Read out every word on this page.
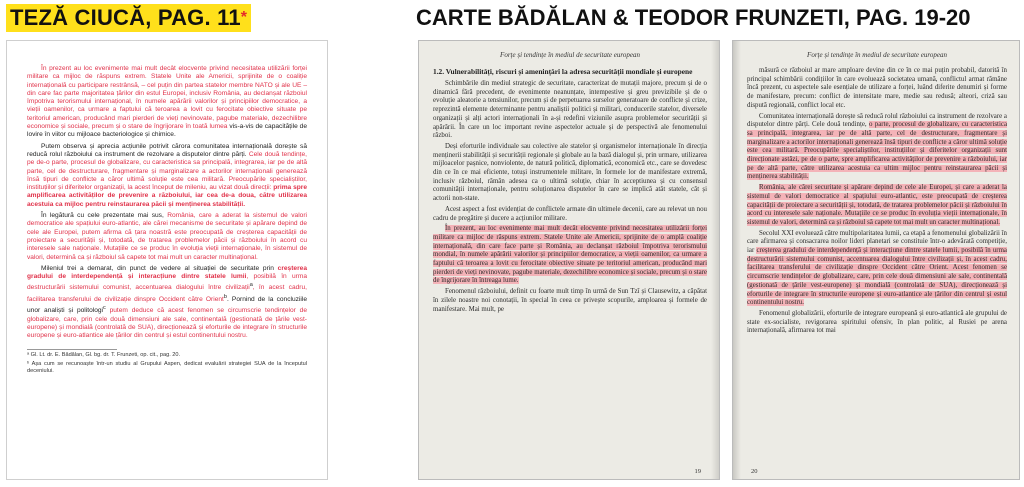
TEZĂ CIUCĂ, PAG. 11*	CARTE BĂDĂLAN & TEODOR FRUNZETI, PAG. 19-20

În prezent au loc evenimente mai mult decât elocvente privind necesitatea utilizării forței militare ca mijloc de răspuns extrem. Statele Unite ale Americii, sprijinite de o coaliție internațională cu participare restrânsă, – cel puțin din partea statelor membre NATO și ale UE – din care fac parte majoritatea țărilor din estul Europei, inclusiv România, au declanșat războiul împotriva terorismului internațional, în numele apărării valorilor și principiilor democratice, a vieții oamenilor, ca urmare a faptului că teroarea a lovit cu ferocitate obiective situate pe teritoriul american, producând mari pierderi de vieți nevinovate, pagube materiale, dezechilibre economice și sociale, precum și o stare de îngrijorare în toată lumea vis-a-vis de capacitățile de lovire în viitor cu mijloace bacteriologice și chimice.

Putem observa și aprecia acțiunile potrivit cărora comunitatea internațională dorește să reducă rolul războiului ca instrument de rezolvare a disputelor dintre părți. Cele două tendințe, pe de-o parte, procesul de globalizare, cu caracteristica sa principală, integrarea, iar pe de altă parte, cel de destructurare, fragmentare și marginalizare a actorilor internaționali generează însă tipuri de conflicte a căror ultimă soluție este cea militară. Preocupările specialiștilor, instituțiilor și diferitelor organizații, la acest început de mileniu, au vizat două direcții: prima spre amplificarea activităților de prevenire a războiului, iar cea de-a doua, către utilizarea acestuia ca mijloc pentru reinstaurarea păcii și menținerea stabilității.

În legătură cu cele prezentate mai sus, România, care a aderat la sistemul de valori democratice ale spațiului euro-atlantic, ale cărei mecanisme de securitate și apărare depind de cele ale Europei, putem afirma că țara noastră este preocupată de creșterea capacității de proiectare a securității și, totodată, de tratarea problemelor păcii și războiului în acord cu interesele sale naționale. Mutațiile ce se produc în evoluția vieții internaționale, în sistemul de valori, determină ca și războiul să capete tot mai mult un caracter multinațional.

Mileniul trei a demarat, din punct de vedere al situației de securitate prin creșterea gradului de interdependență și interacțiune dintre statele lumii, posibilă în urma destructurării sistemului comunist, accentuarea dialogului între civilizații$^a$, în acest cadru, facilitarea transferului de civilizație dinspre Occident către Orient$^b$. Pornind de la concluziile unor analiști și politologi$^c$ putem deduce că acest fenomen se circumscrie tendințelor de globalizare, care, prin cele două dimensiuni ale sale, continentală (gestionată de țările vest-europene) și mondială (controlată de SUA), direcționează și eforturile de integrare în structurile europene și euro-atlantice ale țărilor din centrul și estul continentului nostru.

ᵃ Gl. Lt. dr. E. Bădălan, Gl. bg. dr. T. Frunzeti, op. cit., pag. 20.

ᵇ Așa cum se recunoaște într-un studiu al Grupului Aspen, dedicat evaluării strategiei SUA de la începutul deceniului.

Forțe și tendințe în mediul de securitate european
1.2. Vulnerabilități, riscuri și amenințări la adresa securității mondiale și europene

Schimbările din mediul strategic de securitate, caracterizat de mutații majore, precum și de o dinamică fără precedent, de evenimente neanunțate, intempestive și greu previzibile și de o evoluție aleatorie a tensiunilor, precum și de perpetuarea surselor generatoare de conflicte și crize, reprezintă elemente determinante pentru analiștii politici și militari, conducerile statelor, diversele organizații și alți actori internaționali în a-și redefini viziunile asupra problemelor securității și apărării. În care un loc important revine aspectelor actuale și de perspectivă ale fenomenului război.

Deși eforturile individuale sau colective ale statelor și organismelor internaționale în direcția menținerii stabilității și securității regionale și globale au la bază dialogul și, prin urmare, utilizarea mijloacelor pașnice, nonviolente, de natură politică, diplomatică, economică etc., care se dovedesc din ce în ce mai eficiente, totuși instrumentele militare, în formele lor de manifestare extremă, inclusiv războiul, rămân adesea ca o ultimă soluție, chiar în acceptiunea și cu consensul comunității internaționale, pentru soluționarea disputelor în care se implică atât statele, cât și actorii non-state.

Acest aspect a fost evidențiat de conflictele armate din ultimele decenii, care au relevat un nou cadru de pregătire și ducere a acțiunilor militare.

În prezent, au loc evenimente mai mult decât elocvente privind necesitatea utilizării forței militare ca mijloc de răspuns extrem. Statele Unite ale Americii, sprijinite de o amplă coaliție internațională, din care face parte și România, au declanșat războiul împotriva terorismului mondial, în numele apărării valorilor și principiilor democratice, a vieții oamenilor, ca urmare a faptului că teroarea a lovit cu ferocitate obiective situate pe teritoriul american, producând mari pierderi de vieți nevinovate, pagube materiale, dezechilibre economice și sociale, precum și o stare de îngrijorare în întreaga lume.

Fenomenul războiului, definit cu foarte mult timp în urmă de Sun Tzî și Clausewitz, a căpătat în zilele noastre noi conotații, în special în ceea ce privește scopurile, amploarea și formele de manifestare. Mai mult, pe

19
Forțe și tendințe în mediul de securitate european

măsură ce războiul ar mare amploare devine din ce în ce mai puțin probabil, datorită în principal schimbării condițiilor în care evoluează societatea umană, conflictul armat rămâne încă prezent, cu aspectele sale esențiale de utilizare a forței, luând diferite denumiri și forme de manifestare, precum: conflict de intensitate mare, medie sau redusă; alteori, criză sau dispută regională, conflict local etc.

Comunitatea internațională dorește să reducă rolul războiului ca instrument de rezolvare a disputelor dintre părți. Cele două tendințe, o parte, procesul de globalizare, cu caracteristica sa principală, integrarea, iar pe de altă parte, cel de destructurare, fragmentare și marginalizare a actorilor internaționali generează însă tipuri de conflicte a căror ultimă soluție este cea militară. Preocupările specialiștilor, instituțiilor și diferitelor organizații sunt direcționate astăzi, pe de o parte, spre amplificarea activităților de prevenire a războiului, iar pe de altă parte, către utilizarea acestuia ca ultim mijloc pentru reinstaurarea păcii și menținerea stabilității.

România, ale cărei securitate și apărare depind de cele ale Europei, și care a aderat la sistemul de valori democratice al spațiului euro-atlantic, este preocupată de creșterea capacității de proiectare a securității și, totodată, de tratarea problemelor păcii și războiului în acord cu interesele sale naționale. Mutațiile ce se produc în evoluția vieții internaționale, în sistemul de valori, determină ca și războiul să capete tot mai mult un caracter multinațional.

Secolul XXI evoluează către multipolaritatea lumii, ca etapă a fenomenului globalizării în care afirmarea și consacrarea noilor lideri planetari se constituie într-o adevărată competiție, iar creșterea gradului de interdependență și interacțiune dintre statele lumii, posibilă în urma destructurării sistemului comunist, accentuarea dialogului între civilizații și, în acest cadru, facilitarea transferului de civilizație dinspre Occident către Orient. Acest fenomen se circumscrie tendințelor de globalizare, care, prin cele două dimensiuni ale sale, continentală (gestionată de țările vest-europene) și mondială (controlată de SUA), direcționează și eforturile de integrare în structurile europene și euro-atlantice ale țărilor din centrul și estul continentului nostru.

Fenomenul globalizării, eforturile de integrare europeană și euro-atlantică ale grupului de state ex-socialiste, revigorarea spiritului ofensiv, în plan politic, al Rusiei pe arena internațională, afirmarea tot mai

20
